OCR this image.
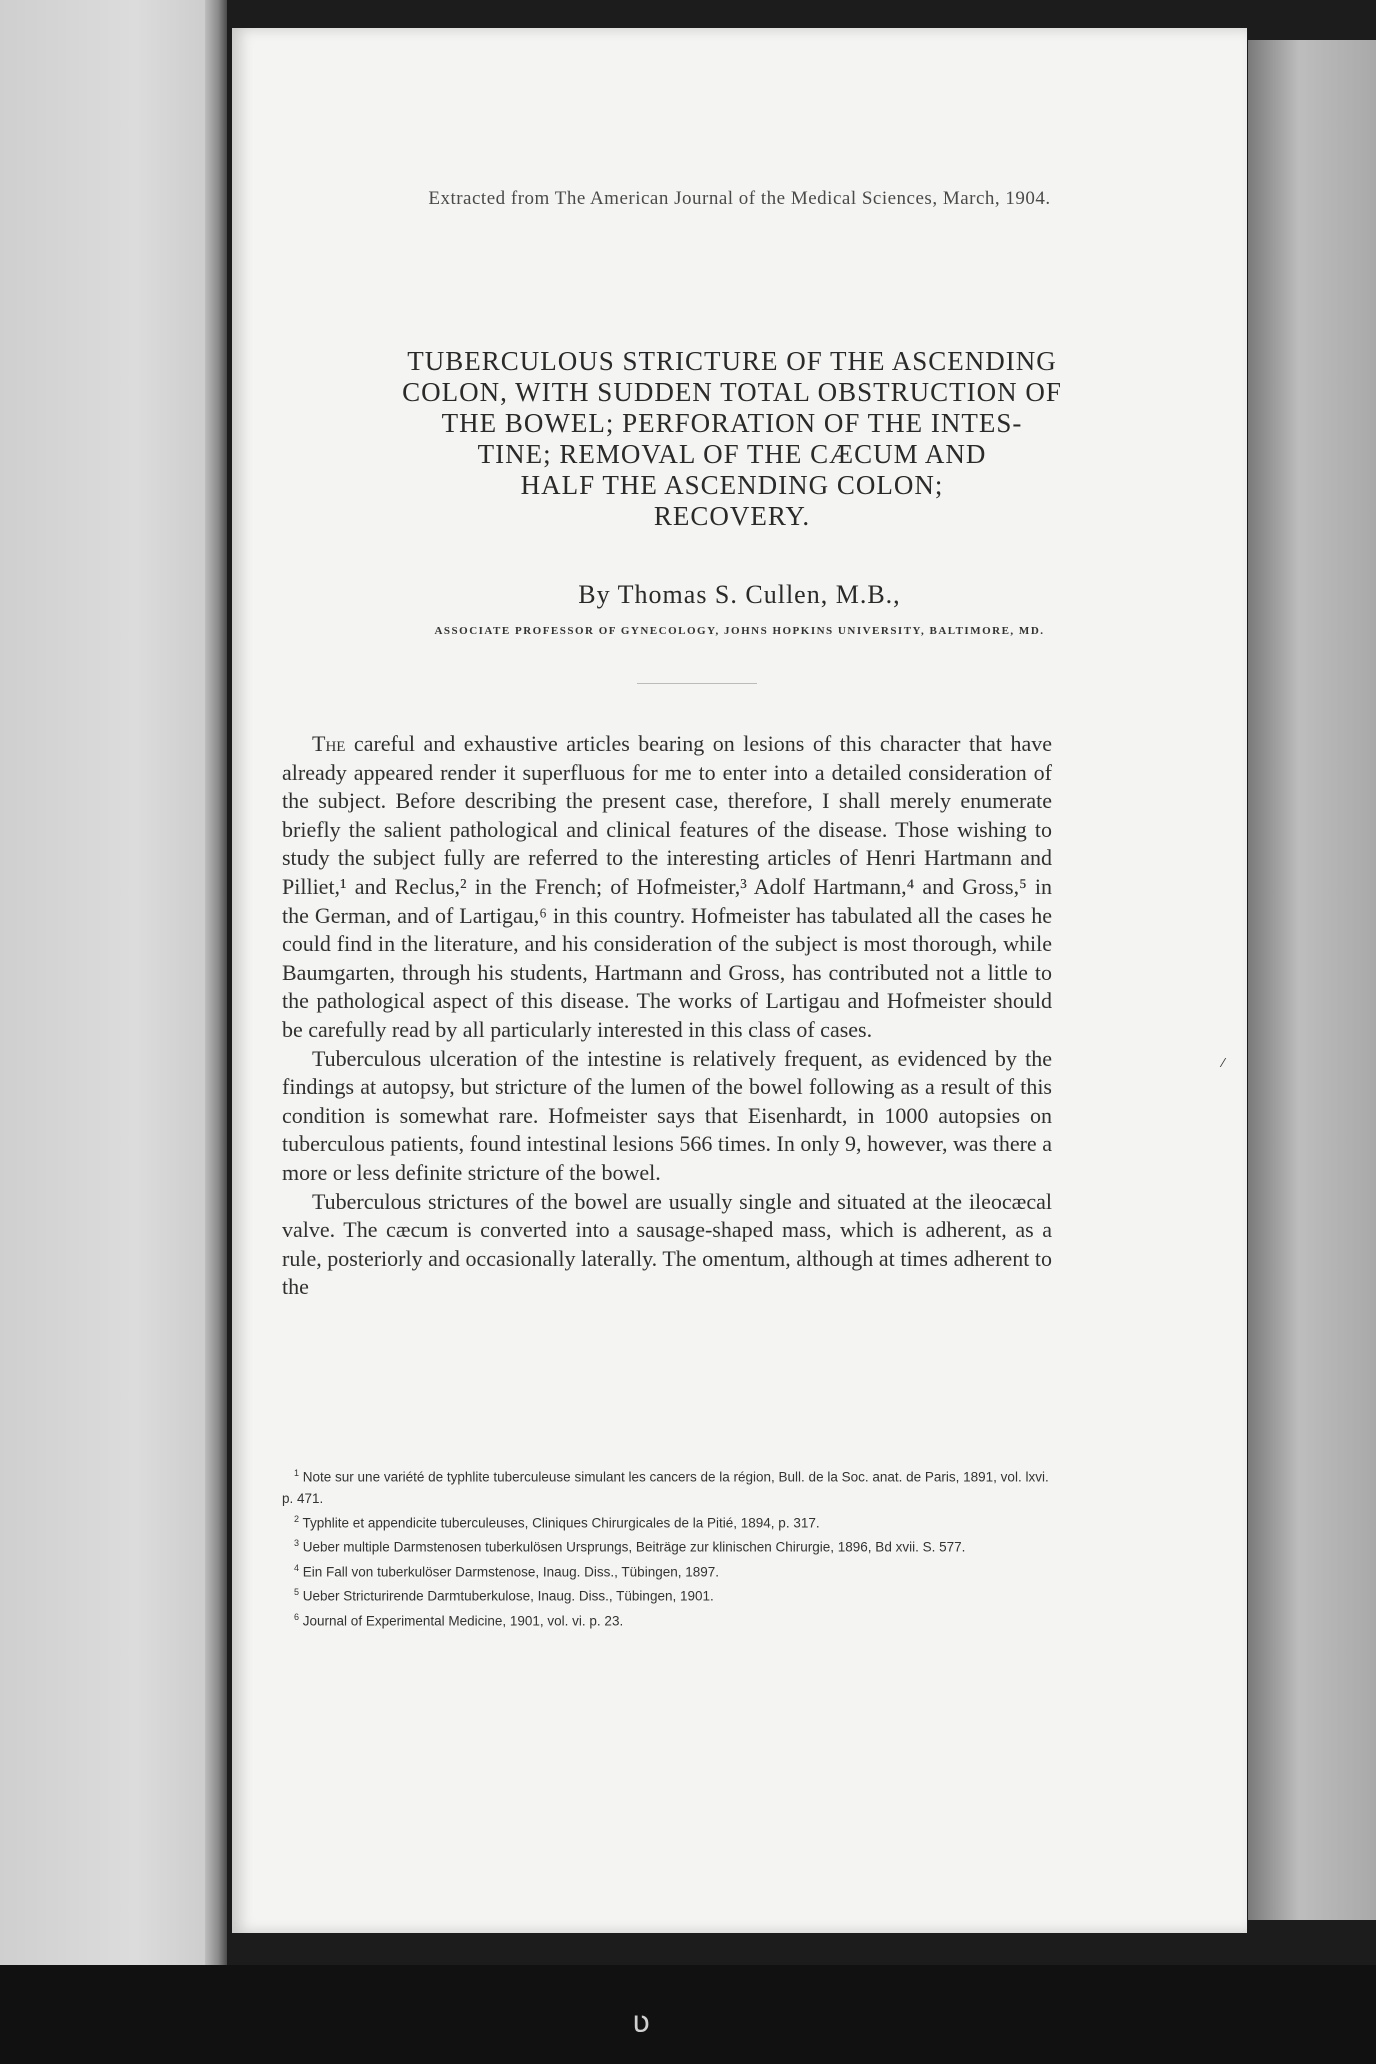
Extracted from The American Journal of the Medical Sciences, March, 1904.
TUBERCULOUS STRICTURE OF THE ASCENDING
COLON, WITH SUDDEN TOTAL OBSTRUCTION OF
THE BOWEL; PERFORATION OF THE INTES-
TINE; REMOVAL OF THE CÆCUM AND
HALF THE ASCENDING COLON;
RECOVERY.
By Thomas S. Cullen, M.B.,
ASSOCIATE PROFESSOR OF GYNECOLOGY, JOHNS HOPKINS UNIVERSITY, BALTIMORE, MD.

The careful and exhaustive articles bearing on lesions of this character that have already appeared render it superfluous for me to enter into a detailed consideration of the subject. Before describing the present case, therefore, I shall merely enumerate briefly the salient pathological and clinical features of the disease. Those wishing to study the subject fully are referred to the interesting articles of Henri Hartmann and Pilliet,¹ and Reclus,² in the French; of Hofmeister,³ Adolf Hartmann,⁴ and Gross,⁵ in the German, and of Lartigau,⁶ in this country. Hofmeister has tabulated all the cases he could find in the literature, and his consideration of the subject is most thorough, while Baumgarten, through his students, Hartmann and Gross, has contributed not a little to the pathological aspect of this disease. The works of Lartigau and Hofmeister should be carefully read by all particularly interested in this class of cases.

Tuberculous ulceration of the intestine is relatively frequent, as evidenced by the findings at autopsy, but stricture of the lumen of the bowel following as a result of this condition is somewhat rare. Hofmeister says that Eisenhardt, in 1000 autopsies on tuberculous patients, found intestinal lesions 566 times. In only 9, however, was there a more or less definite stricture of the bowel.

Tuberculous strictures of the bowel are usually single and situated at the ileocæcal valve. The cæcum is converted into a sausage-shaped mass, which is adherent, as a rule, posteriorly and occasionally laterally. The omentum, although at times adherent to the

$^1$ Note sur une variété de typhlite tuberculeuse simulant les cancers de la région, Bull. de la Soc. anat. de Paris, 1891, vol. lxvi. p. 471.

$^2$ Typhlite et appendicite tuberculeuses, Cliniques Chirurgicales de la Pitié, 1894, p. 317.

$^3$ Ueber multiple Darmstenosen tuberkulösen Ursprungs, Beiträge zur klinischen Chirurgie, 1896, Bd xvii. S. 577.

$^4$ Ein Fall von tuberkulöser Darmstenose, Inaug. Diss., Tübingen, 1897.

$^5$ Ueber Stricturirende Darmtuberkulose, Inaug. Diss., Tübingen, 1901.

$^6$ Journal of Experimental Medicine, 1901, vol. vi. p. 23.

⁄
ʋ
